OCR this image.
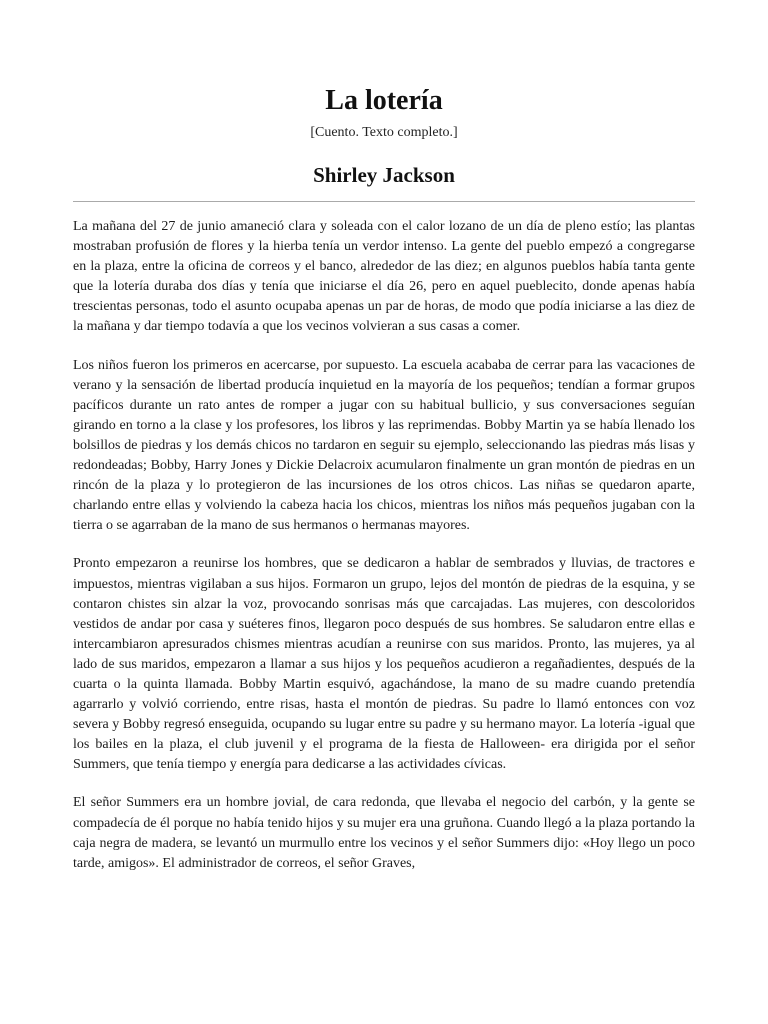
La lotería
[Cuento. Texto completo.]
Shirley Jackson

La mañana del 27 de junio amaneció clara y soleada con el calor lozano de un día de pleno estío; las plantas mostraban profusión de flores y la hierba tenía un verdor intenso. La gente del pueblo empezó a congregarse en la plaza, entre la oficina de correos y el banco, alrededor de las diez; en algunos pueblos había tanta gente que la lotería duraba dos días y tenía que iniciarse el día 26, pero en aquel pueblecito, donde apenas había trescientas personas, todo el asunto ocupaba apenas un par de horas, de modo que podía iniciarse a las diez de la mañana y dar tiempo todavía a que los vecinos volvieran a sus casas a comer.

Los niños fueron los primeros en acercarse, por supuesto. La escuela acababa de cerrar para las vacaciones de verano y la sensación de libertad producía inquietud en la mayoría de los pequeños; tendían a formar grupos pacíficos durante un rato antes de romper a jugar con su habitual bullicio, y sus conversaciones seguían girando en torno a la clase y los profesores, los libros y las reprimendas. Bobby Martin ya se había llenado los bolsillos de piedras y los demás chicos no tardaron en seguir su ejemplo, seleccionando las piedras más lisas y redondeadas; Bobby, Harry Jones y Dickie Delacroix acumularon finalmente un gran montón de piedras en un rincón de la plaza y lo protegieron de las incursiones de los otros chicos. Las niñas se quedaron aparte, charlando entre ellas y volviendo la cabeza hacia los chicos, mientras los niños más pequeños jugaban con la tierra o se agarraban de la mano de sus hermanos o hermanas mayores.

Pronto empezaron a reunirse los hombres, que se dedicaron a hablar de sembrados y lluvias, de tractores e impuestos, mientras vigilaban a sus hijos. Formaron un grupo, lejos del montón de piedras de la esquina, y se contaron chistes sin alzar la voz, provocando sonrisas más que carcajadas. Las mujeres, con descoloridos vestidos de andar por casa y suéteres finos, llegaron poco después de sus hombres. Se saludaron entre ellas e intercambiaron apresurados chismes mientras acudían a reunirse con sus maridos. Pronto, las mujeres, ya al lado de sus maridos, empezaron a llamar a sus hijos y los pequeños acudieron a regañadientes, después de la cuarta o la quinta llamada. Bobby Martin esquivó, agachándose, la mano de su madre cuando pretendía agarrarlo y volvió corriendo, entre risas, hasta el montón de piedras. Su padre lo llamó entonces con voz severa y Bobby regresó enseguida, ocupando su lugar entre su padre y su hermano mayor. La lotería -igual que los bailes en la plaza, el club juvenil y el programa de la fiesta de Halloween- era dirigida por el señor Summers, que tenía tiempo y energía para dedicarse a las actividades cívicas.

El señor Summers era un hombre jovial, de cara redonda, que llevaba el negocio del carbón, y la gente se compadecía de él porque no había tenido hijos y su mujer era una gruñona. Cuando llegó a la plaza portando la caja negra de madera, se levantó un murmullo entre los vecinos y el señor Summers dijo: «Hoy llego un poco tarde, amigos». El administrador de correos, el señor Graves,
